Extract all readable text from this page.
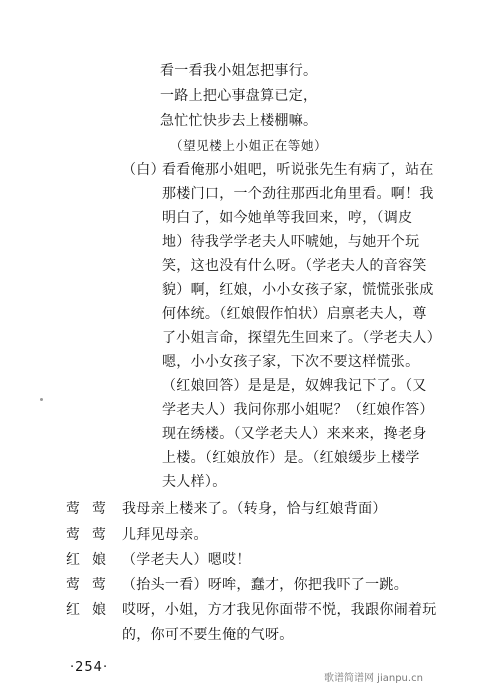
看一看我小姐怎把事行。
一路上把心事盘算已定，
急忙忙快步去上楼棚嘛。
（望见楼上小姐正在等她）
（白）
看看俺那小姐吧，听说张先生有病了，站在
那楼门口，一个劲往那西北角里看。啊！我
明白了，如今她单等我回来，哼，（调皮
地）待我学学老夫人吓唬她，与她开个玩
笑，这也没有什么呀。（学老夫人的音容笑
貌）啊，红娘，小小女孩子家，慌慌张张成
何体统。（红娘假作怕状）启禀老夫人，尊
了小姐言命，探望先生回来了。（学老夫人）
嗯，小小女孩子家，下次不要这样慌张。
（红娘回答）是是是，奴婢我记下了。（又
学老夫人）我问你那小姐呢？（红娘作答）
现在绣楼。（又学老夫人）来来来，搀老身
上楼。（红娘放作）是。（红娘缓步上楼学
夫人样）。
莺莺 我母亲上楼来了。（转身，恰与红娘背面）
莺莺 儿拜见母亲。
红娘 （学老夫人）嗯哎！
莺莺 （抬头一看）呀哞，蠢才，你把我吓了一跳。
红娘 哎呀，小姐，方才我见你面带不悦，我跟你闹着玩
的，你可不要生俺的气呀。
·254·
歌谱简谱网 jianpu.cn
